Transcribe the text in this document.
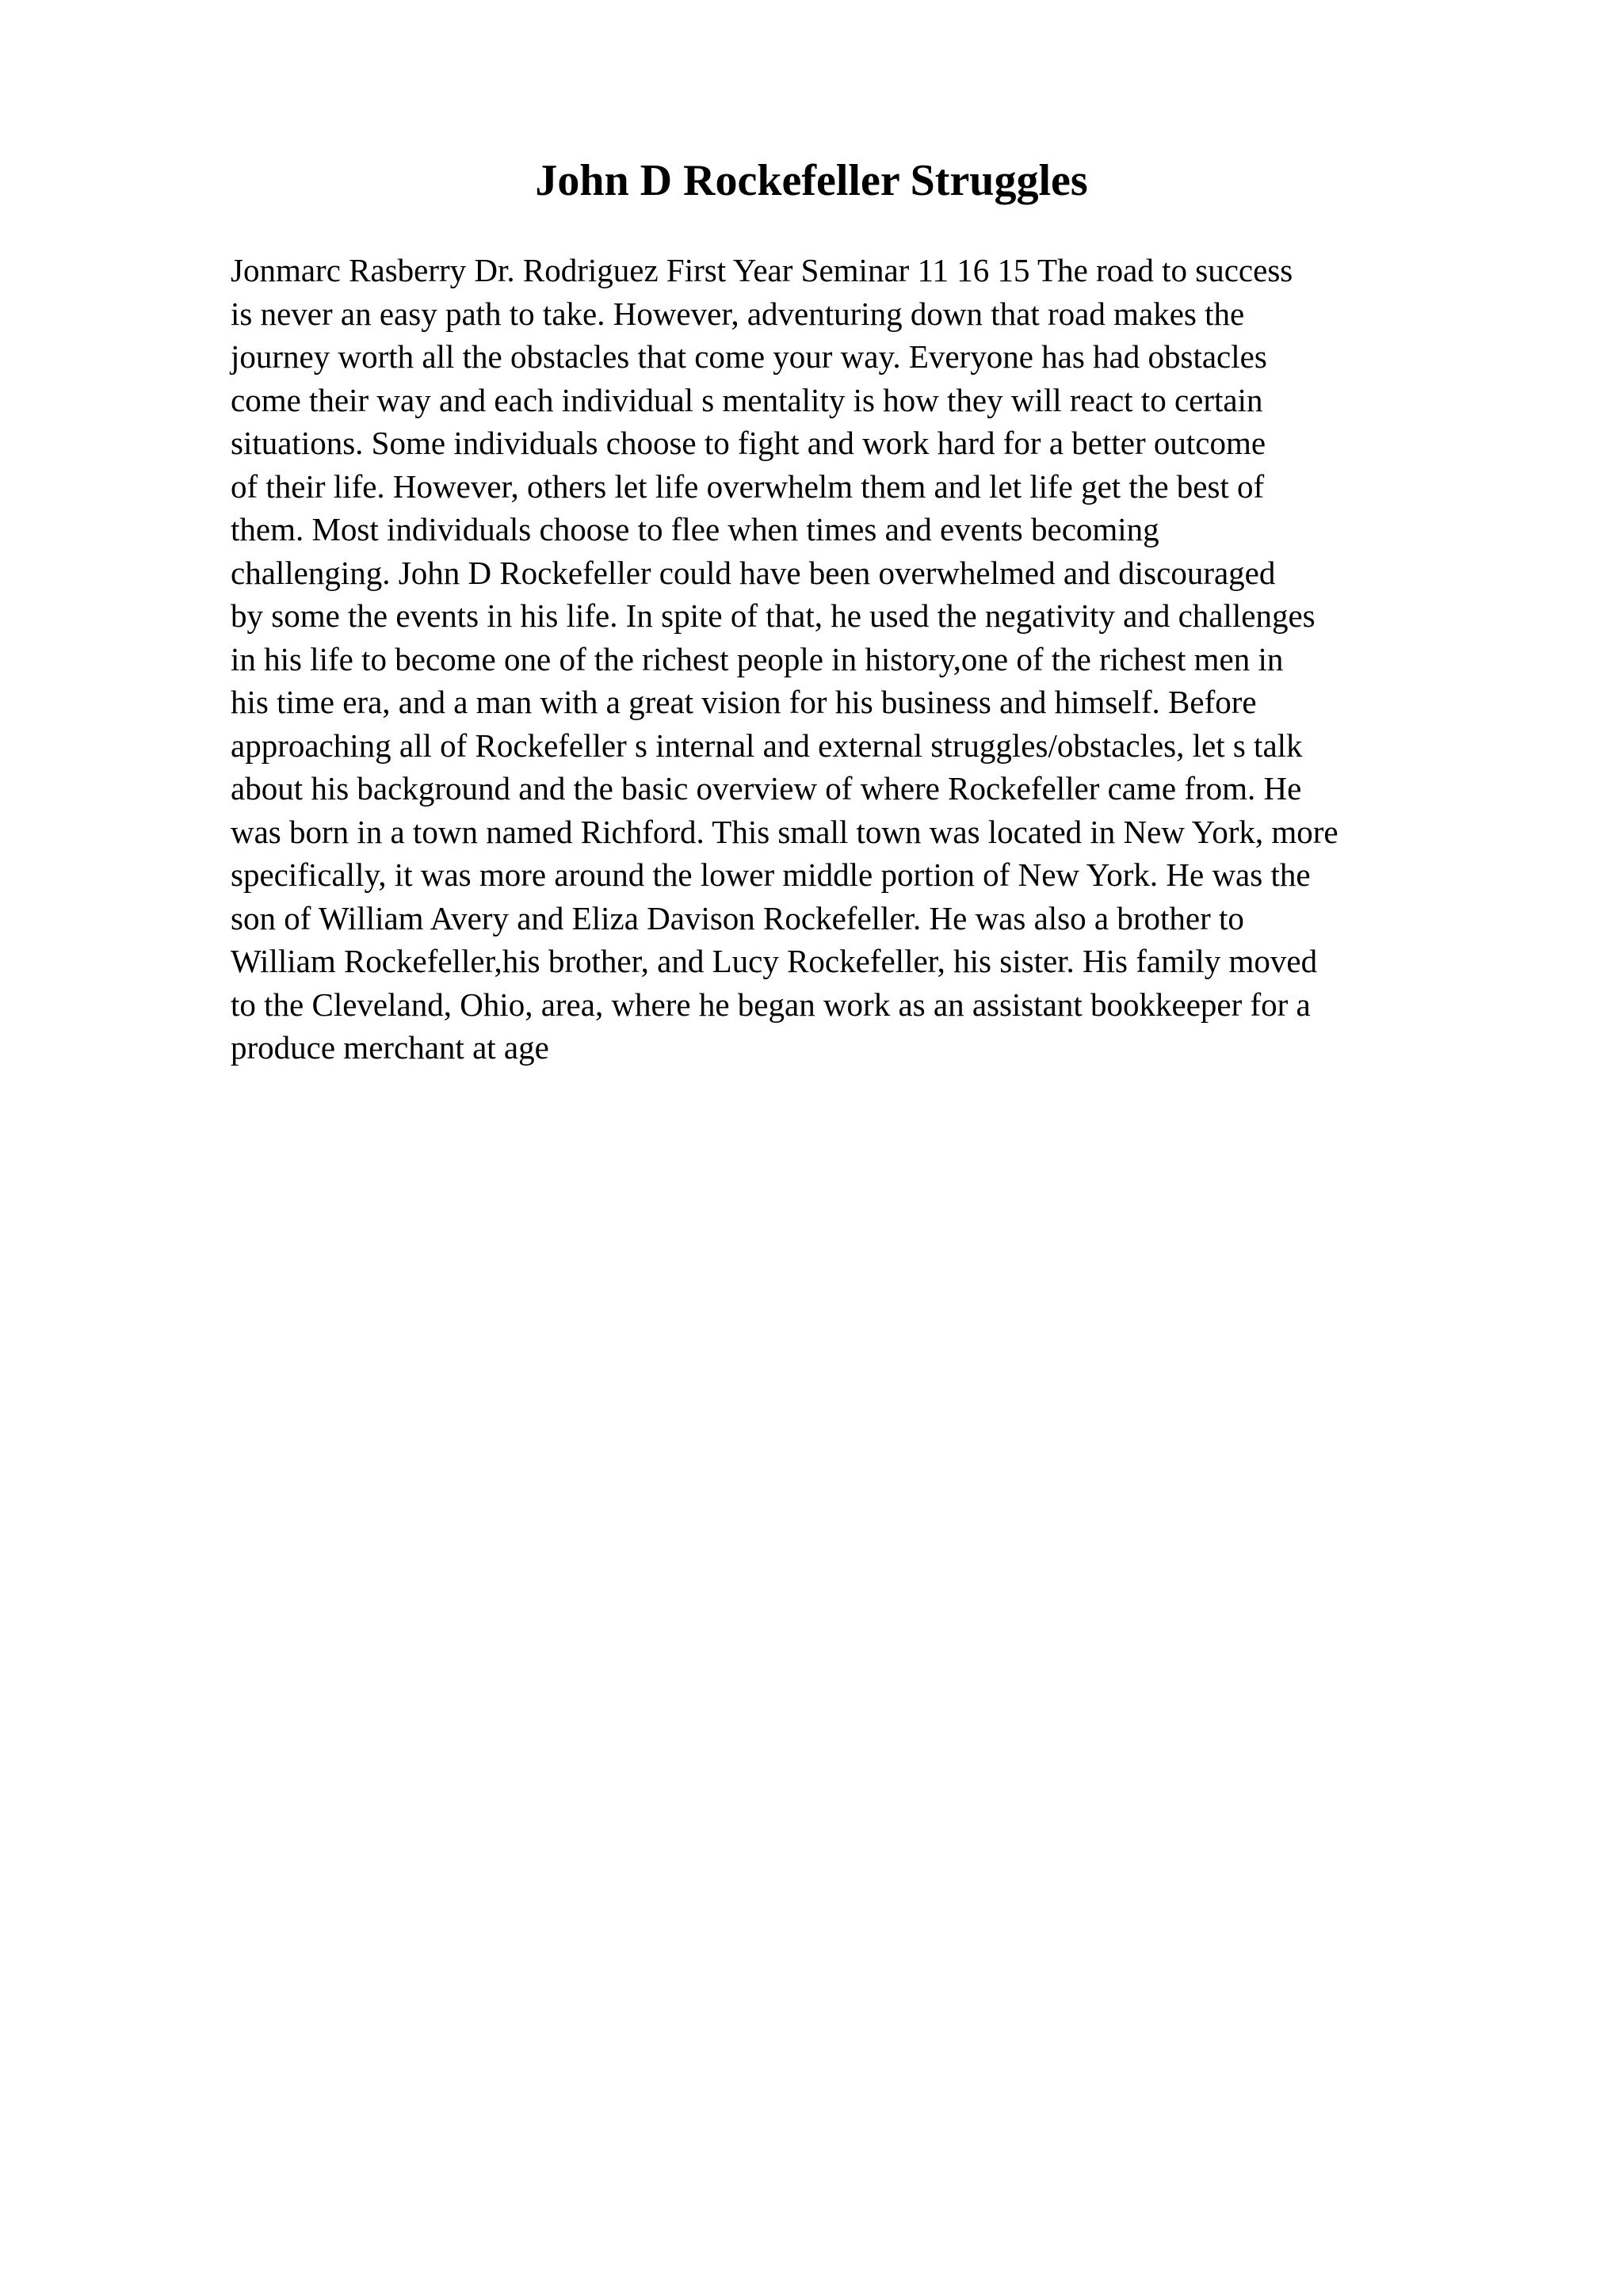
John D Rockefeller Struggles
Jonmarc Rasberry Dr. Rodriguez First Year Seminar 11 16 15 The road to success
is never an easy path to take. However, adventuring down that road makes the
journey worth all the obstacles that come your way. Everyone has had obstacles
come their way and each individual s mentality is how they will react to certain
situations. Some individuals choose to fight and work hard for a better outcome
of their life. However, others let life overwhelm them and let life get the best of
them. Most individuals choose to flee when times and events becoming
challenging. John D Rockefeller could have been overwhelmed and discouraged
by some the events in his life. In spite of that, he used the negativity and challenges
in his life to become one of the richest people in history,one of the richest men in
his time era, and a man with a great vision for his business and himself. Before
approaching all of Rockefeller s internal and external struggles/obstacles, let s talk
about his background and the basic overview of where Rockefeller came from. He
was born in a town named Richford. This small town was located in New York, more
specifically, it was more around the lower middle portion of New York. He was the
son of William Avery and Eliza Davison Rockefeller. He was also a brother to
William Rockefeller,his brother, and Lucy Rockefeller, his sister. His family moved
to the Cleveland, Ohio, area, where he began work as an assistant bookkeeper for a
produce merchant at age
